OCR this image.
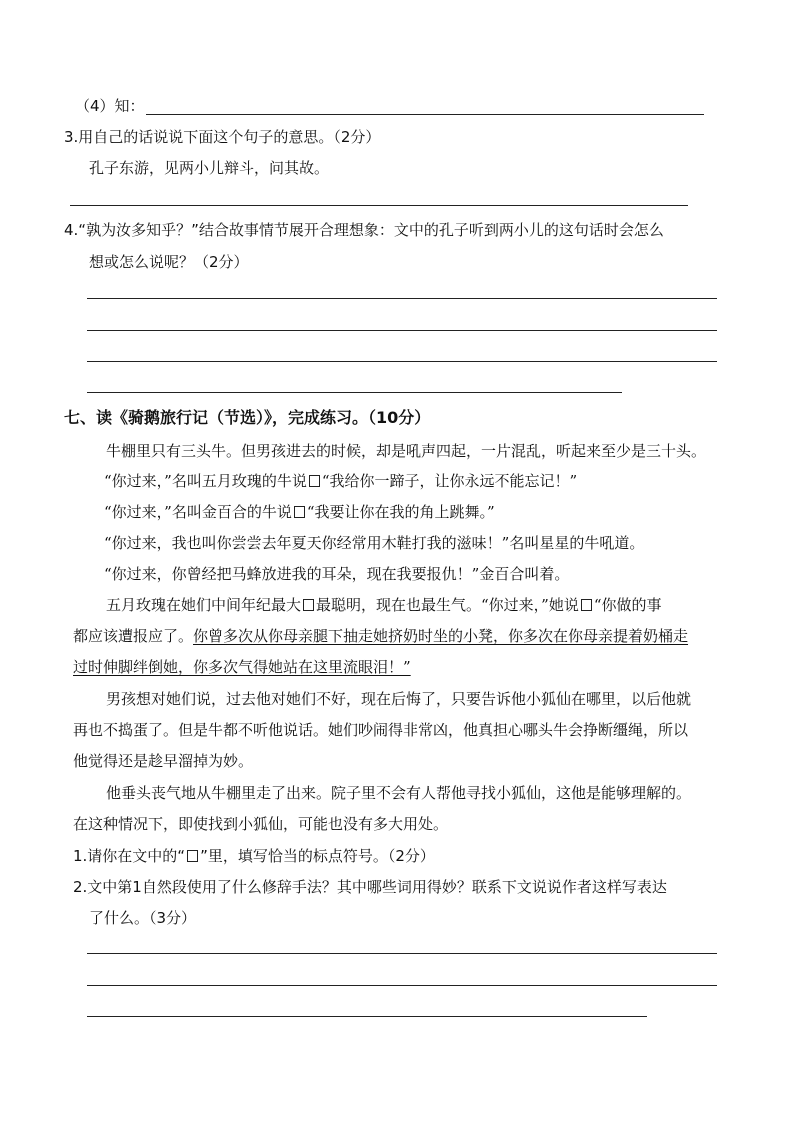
（4）知：
3.用自己的话说说下面这个句子的意思。（2分）
孔子东游，见两小儿辩斗，问其故。
4.“孰为汝多知乎？”结合故事情节展开合理想象：文中的孔子听到两小儿的这句话时会怎么
想或怎么说呢？（2分）
七、读《骑鹅旅行记（节选）》，完成练习。（10分）
牛棚里只有三头牛。但男孩进去的时候，却是吼声四起，一片混乱，听起来至少是三十头。
“你过来，”名叫五月玫瑰的牛说 “我给你一蹄子，让你永远不能忘记！”
“你过来，”名叫金百合的牛说 “我要让你在我的角上跳舞。”
“你过来，我也叫你尝尝去年夏天你经常用木鞋打我的滋味！”名叫星星的牛吼道。
“你过来，你曾经把马蜂放进我的耳朵，现在我要报仇！”金百合叫着。
五月玫瑰在她们中间年纪最大 最聪明，现在也最生气。“你过来，”她说 “你做的事
都应该遭报应了。你曾多次从你母亲腿下抽走她挤奶时坐的小凳，你多次在你母亲提着奶桶走
过时伸脚绊倒她，你多次气得她站在这里流眼泪！”
男孩想对她们说，过去他对她们不好，现在后悔了，只要告诉他小狐仙在哪里，以后他就
再也不捣蛋了。但是牛都不听他说话。她们吵闹得非常凶，他真担心哪头牛会挣断缰绳，所以
他觉得还是趁早溜掉为妙。
他垂头丧气地从牛棚里走了出来。院子里不会有人帮他寻找小狐仙，这他是能够理解的。
在这种情况下，即使找到小狐仙，可能也没有多大用处。
1.请你在文中的“ ”里，填写恰当的标点符号。（2分）
2.文中第1自然段使用了什么修辞手法？其中哪些词用得妙？联系下文说说作者这样写表达
了什么。（3分）
